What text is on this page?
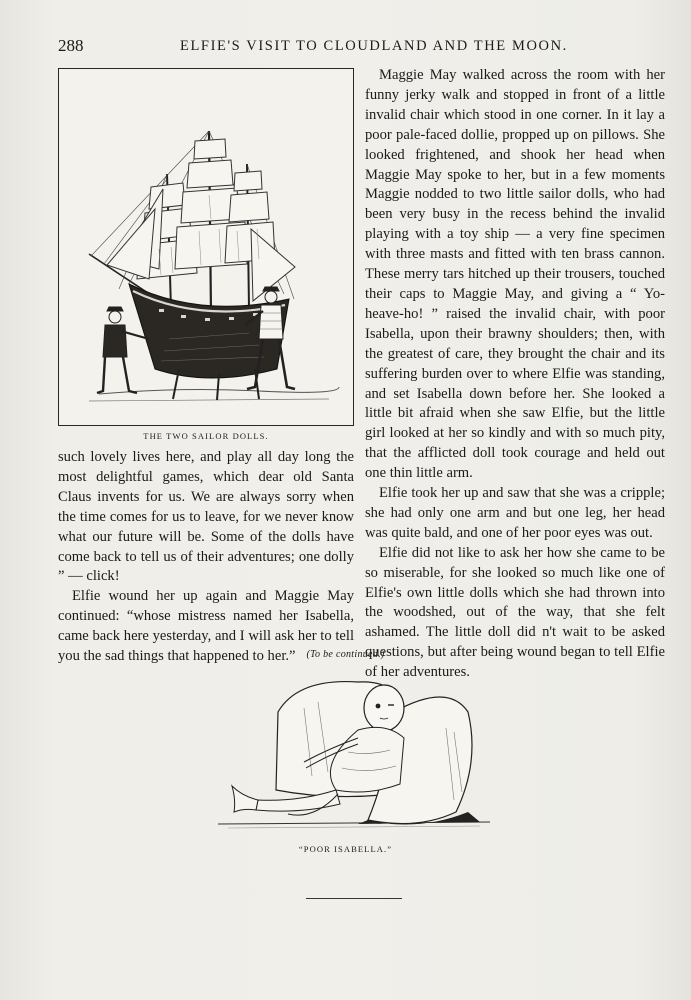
288	ELFIE'S VISIT TO CLOUDLAND AND THE MOON.
THE TWO SAILOR DOLLS.

such lovely lives here, and play all day long the most delightful games, which dear old Santa Claus invents for us. We are always sorry when the time comes for us to leave, for we never know what our future will be. Some of the dolls have come back to tell us of their adventures; one dolly ” — click!

Elfie wound her up again and Maggie May continued: “whose mistress named her Isabella, came back here yesterday, and I will ask her to tell you the sad things that happened to her.”

Maggie May walked across the room with her funny jerky walk and stopped in front of a little invalid chair which stood in one corner. In it lay a poor pale-faced dollie, propped up on pillows. She looked frightened, and shook her head when Maggie May spoke to her, but in a few moments Maggie nodded to two little sailor dolls, who had been very busy in the recess behind the invalid playing with a toy ship — a very fine specimen with three masts and fitted with ten brass cannon. These merry tars hitched up their trousers, touched their caps to Maggie May, and giving a “ Yo-heave-ho! ” raised the invalid chair, with poor Isabella, upon their brawny shoulders; then, with the greatest of care, they brought the chair and its suffering burden over to where Elfie was standing, and set Isabella down before her. She looked a little bit afraid when she saw Elfie, but the little girl looked at her so kindly and with so much pity, that the afflicted doll took courage and held out one thin little arm.

Elfie took her up and saw that she was a cripple; she had only one arm and but one leg, her head was quite bald, and one of her poor eyes was out.

Elfie did not like to ask her how she came to be so miserable, for she looked so much like one of Elfie's own little dolls which she had thrown into the woodshed, out of the way, that she felt ashamed. The little doll did n't wait to be asked questions, but after being wound began to tell Elfie of her adventures.

(To be continued.)
“POOR ISABELLA.”
